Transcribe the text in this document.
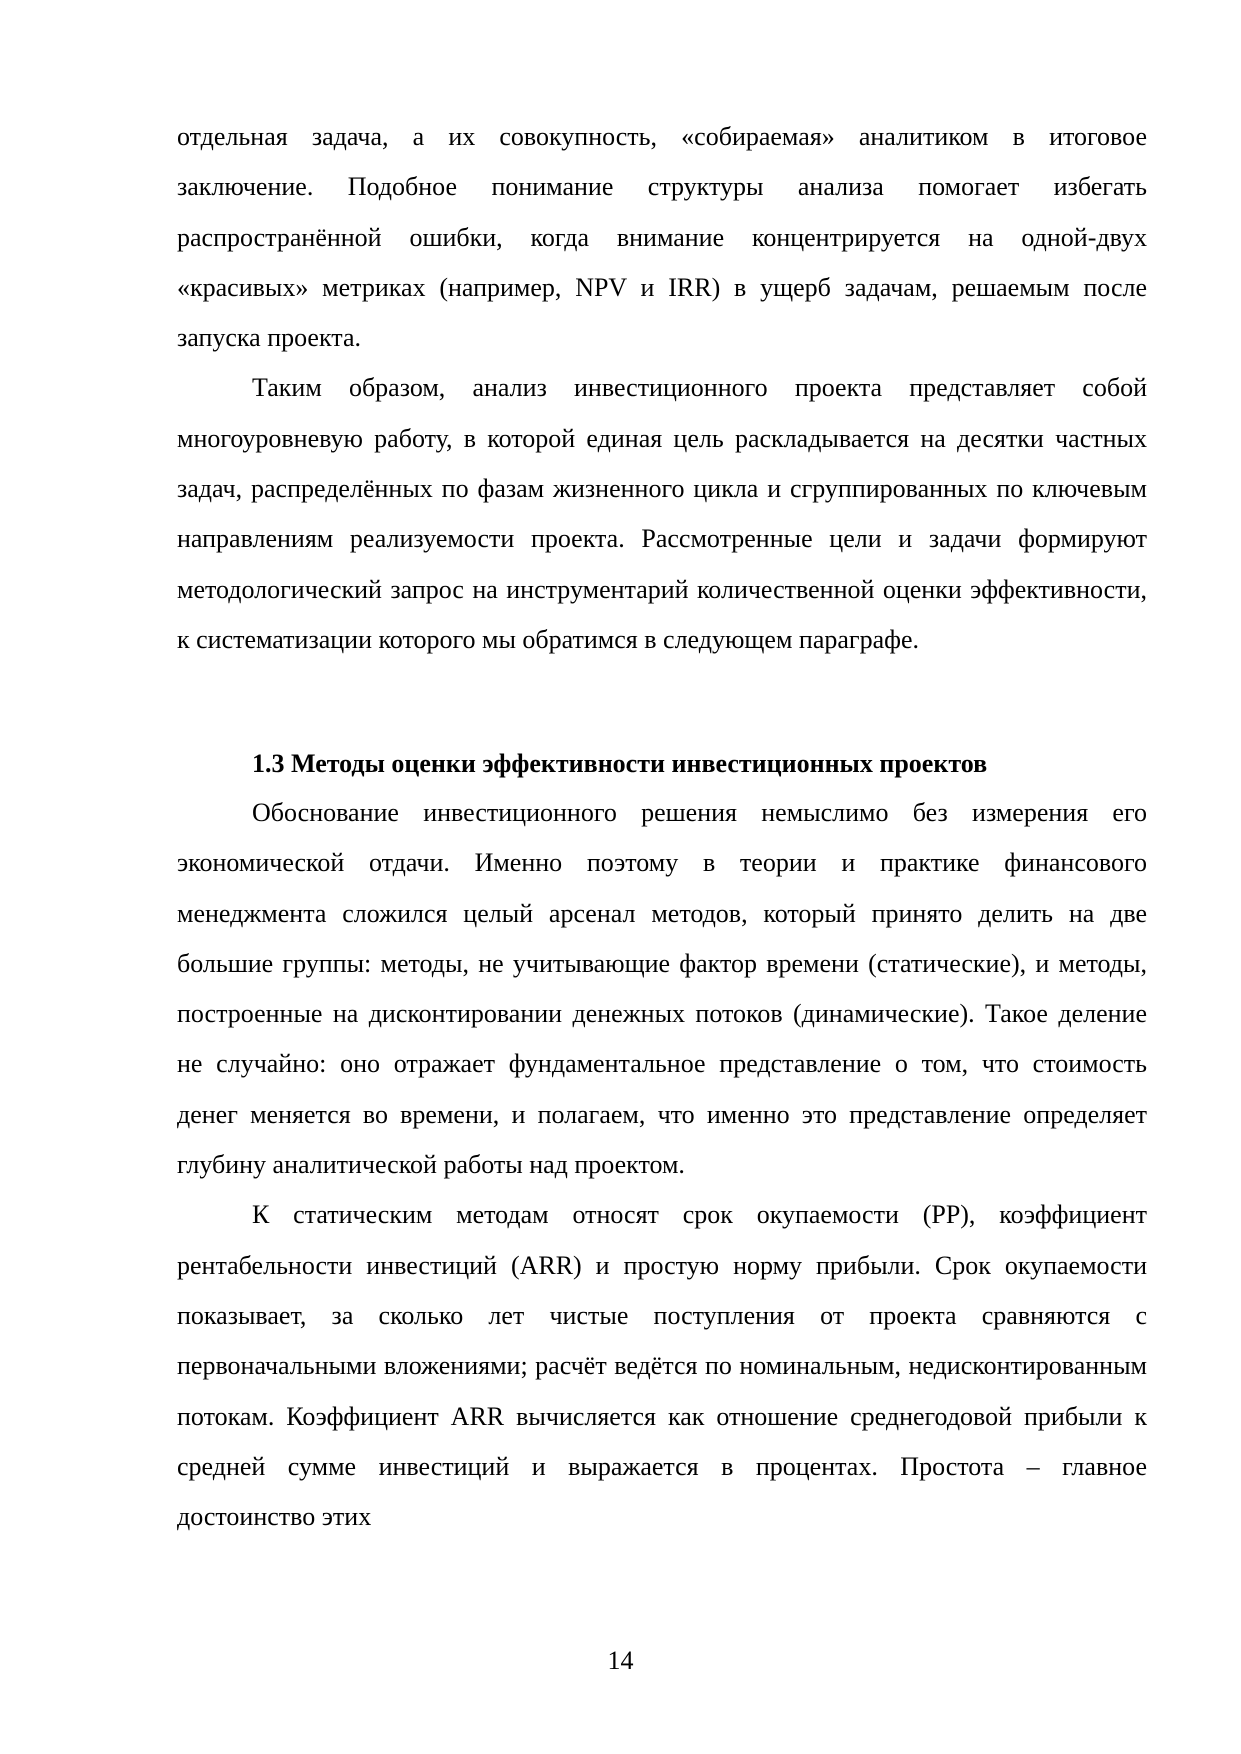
отдельная задача, а их совокупность, «собираемая» аналитиком в итоговое заключение. Подобное понимание структуры анализа помогает избегать распространённой ошибки, когда внимание концентрируется на одной-двух «красивых» метриках (например, NPV и IRR) в ущерб задачам, решаемым после запуска проекта.

Таким образом, анализ инвестиционного проекта представляет собой многоуровневую работу, в которой единая цель раскладывается на десятки частных задач, распределённых по фазам жизненного цикла и сгруппированных по ключевым направлениям реализуемости проекта. Рассмотренные цели и задачи формируют методологический запрос на инструментарий количественной оценки эффективности, к систематизации которого мы обратимся в следующем параграфе.

1.3 Методы оценки эффективности инвестиционных проектов

Обоснование инвестиционного решения немыслимо без измерения его экономической отдачи. Именно поэтому в теории и практике финансового менеджмента сложился целый арсенал методов, который принято делить на две большие группы: методы, не учитывающие фактор времени (статические), и методы, построенные на дисконтировании денежных потоков (динамические). Такое деление не случайно: оно отражает фундаментальное представление о том, что стоимость денег меняется во времени, и полагаем, что именно это представление определяет глубину аналитической работы над проектом.

К статическим методам относят срок окупаемости (PP), коэффициент рентабельности инвестиций (ARR) и простую норму прибыли. Срок окупаемости показывает, за сколько лет чистые поступления от проекта сравняются с первоначальными вложениями; расчёт ведётся по номинальным, недисконтированным потокам. Коэффициент ARR вычисляется как отношение среднегодовой прибыли к средней сумме инвестиций и выражается в процентах. Простота – главное достоинство этих

14
